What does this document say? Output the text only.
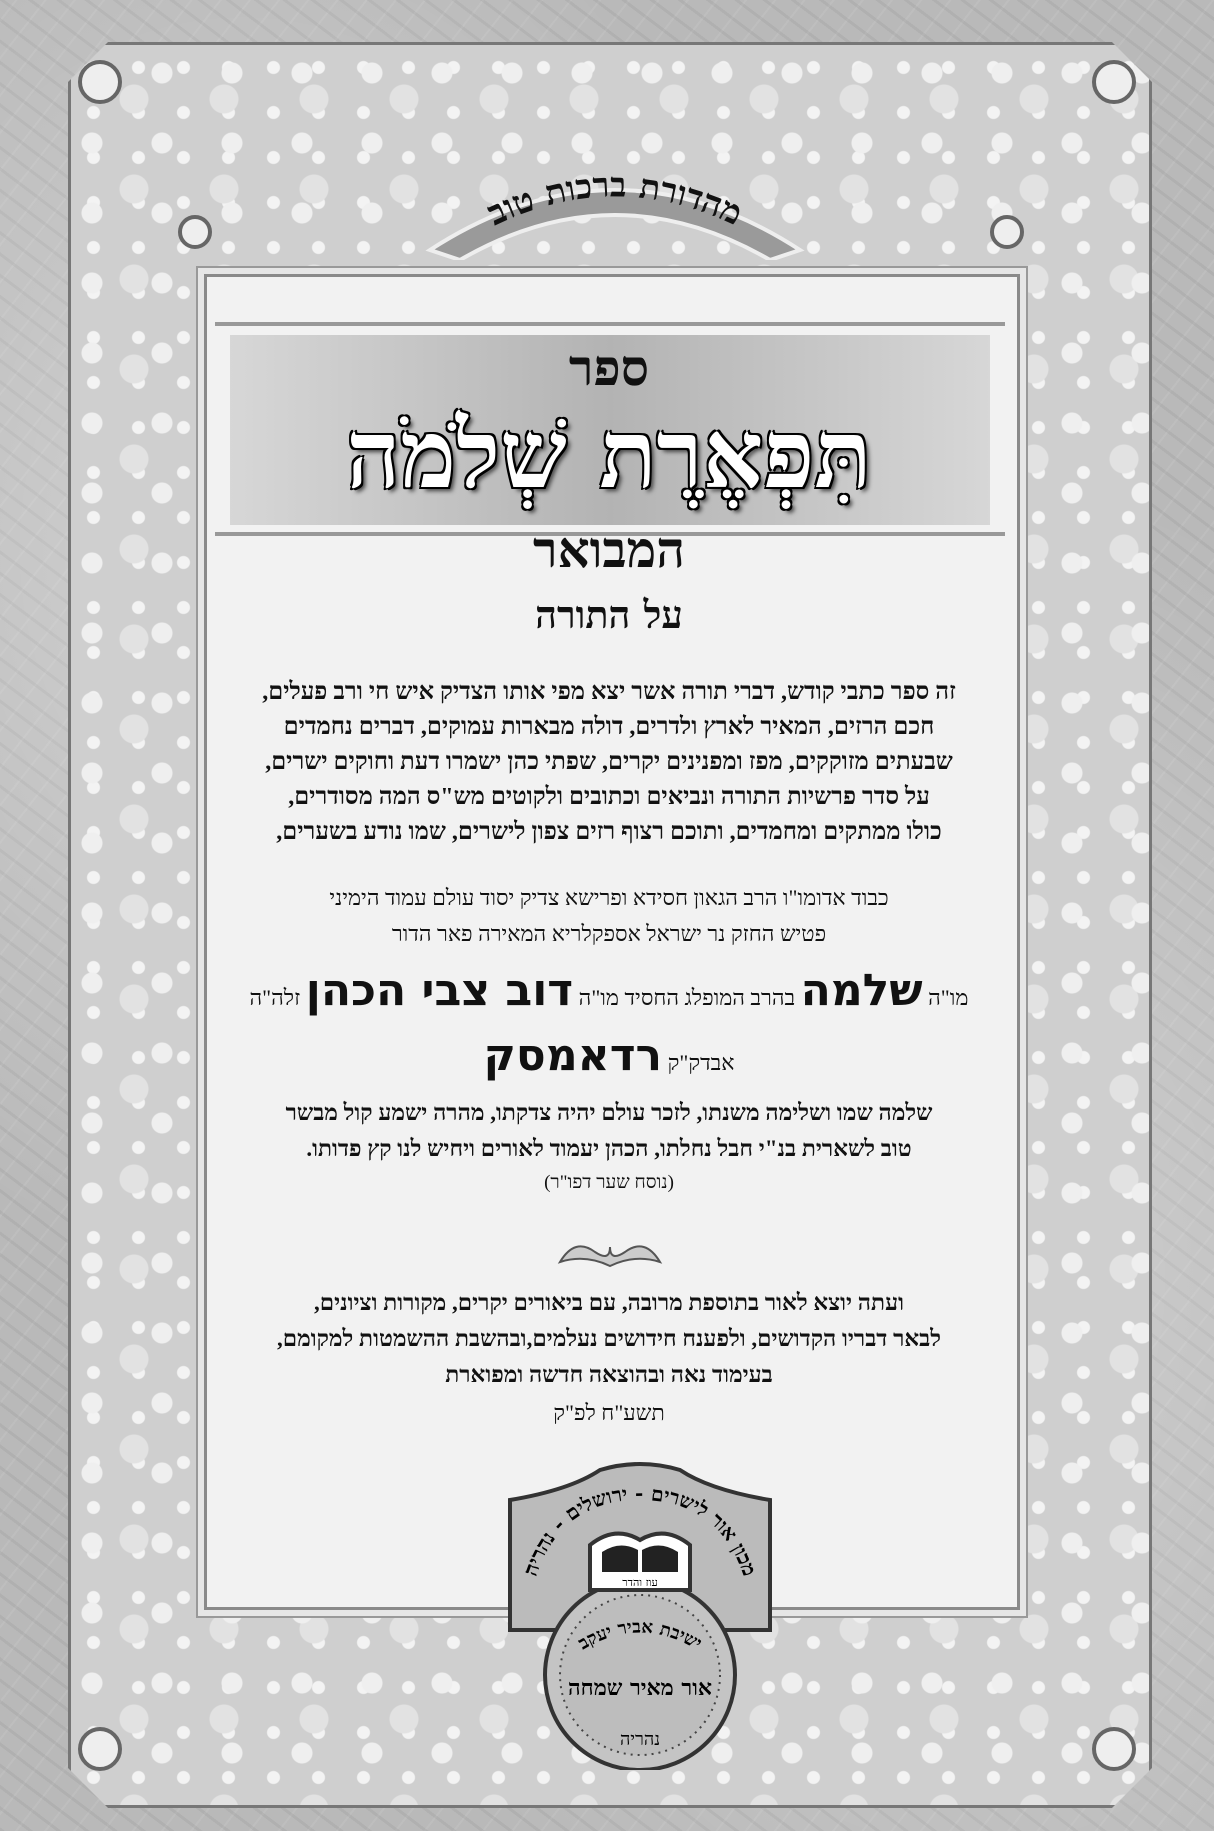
מהדורת ברכות טוב
ספר
תִּפְאֶרֶת שְׁלֹמֹה
המבואר
על התורה
זה ספר כתבי קודש, דברי תורה אשר יצא מפי אותו הצדיק איש חי ורב פעלים,
חכם הרזים, המאיר לארץ ולדרים, דולה מבארות עמוקים, דברים נחמדים
שבעתים מזוקקים, מפז ומפנינים יקרים, שפתי כהן ישמרו דעת וחוקים ישרים,
על סדר פרשיות התורה ונביאים וכתובים ולקוטים מש"ס המה מסודרים,
כולו ממתקים ומחמדים, ותוכם רצוף רזים צפון לישרים, שמו נודע בשערים,
כבוד אדומו"ו הרב הגאון חסידא ופרישא צדיק יסוד עולם עמוד הימיני
פטיש החזק נר ישראל אספקלריא המאירה פאר הדור
מו"ה שלמה בהרב המופלג החסיד מו"ה דוב צבי הכהן זלה"ה
אבדק"ק רדאמסק
שלמה שמו ושלימה משנתו, לזכר עולם יהיה צדקתו, מהרה ישמע קול מבשר
טוב לשארית בנ"י חבל נחלתו, הכהן יעמוד לאורים ויחיש לנו קץ פדותו.
(נוסח שער דפו"ר)
ועתה יוצא לאור בתוספת מרובה, עם ביאורים יקרים, מקורות וציונים,
לבאר דבריו הקדושים, ולפענח חידושים נעלמים,ובהשבת ההשמטות למקומם,
בעימוד נאה ובהוצאה חדשה ומפוארת
תשע"ח לפ"ק
מכון אור לישרים - ירושלים - נהריה
עוז והדר
ישיבת אביר יעקב
אור מאיר שמחה
נהריה
